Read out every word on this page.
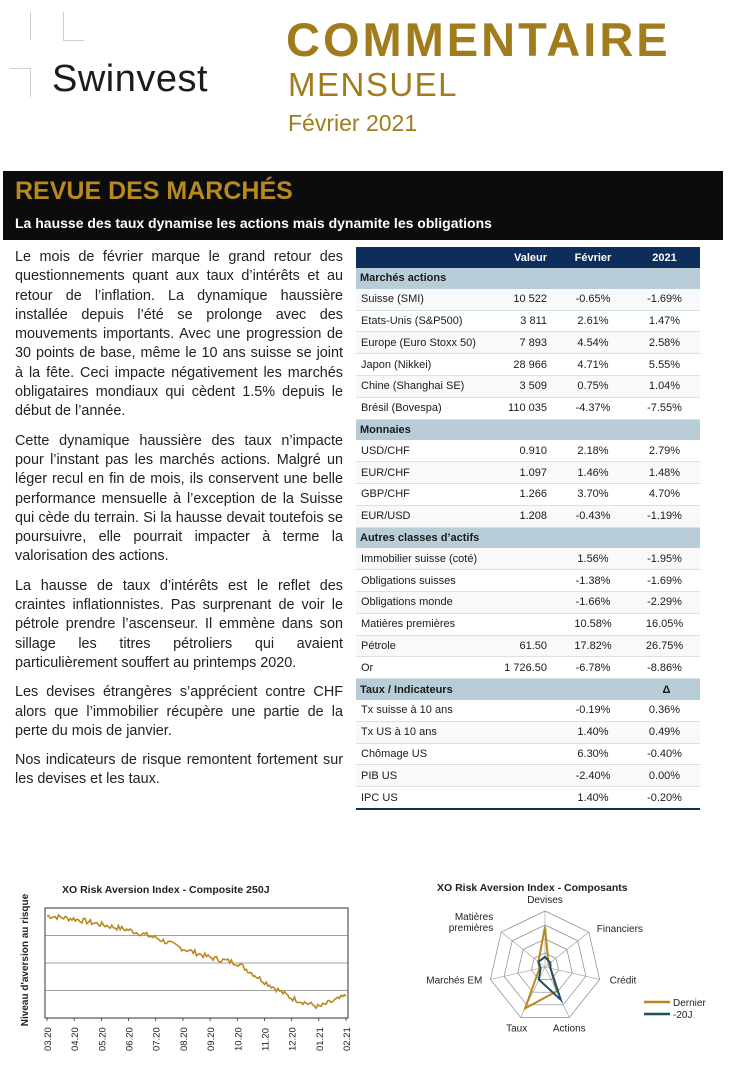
Swinvest
COMMENTAIRE
MENSUEL
Février 2021
REVUE DES MARCHÉS
La hausse des taux dynamise les actions mais dynamite les obligations

Le mois de février marque le grand retour des questionnements quant aux taux d’intérêts et au retour de l’inflation. La dynamique haussière installée depuis l’été se prolonge avec des mouvements importants. Avec une progression de 30 points de base, même le 10 ans suisse se joint à la fête. Ceci impacte négativement les marchés obligataires mondiaux qui cèdent 1.5% depuis le début de l’année.

Cette dynamique haussière des taux n’impacte pour l’instant pas les marchés actions. Malgré un léger recul en fin de mois, ils conservent une belle performance mensuelle à l’exception de la Suisse qui cède du terrain. Si la hausse devait toutefois se poursuivre, elle pourrait impacter à terme la valorisation des actions.

La hausse de taux d’intérêts est le reflet des craintes inflationnistes. Pas surprenant de voir le pétrole prendre l’ascenseur. Il emmène dans son sillage les titres pétroliers qui avaient particulièrement souffert au printemps 2020.

Les devises étrangères s’apprécient contre CHF alors que l’immobilier récupère une partie de la perte du mois de janvier.

Nos indicateurs de risque remontent fortement sur les devises et les taux.

	Valeur	Février	2021
Marchés actions			
Suisse (SMI)	10 522	-0.65%	-1.69%
Etats-Unis (S&P500)	3 811	2.61%	1.47%
Europe (Euro Stoxx 50)	7 893	4.54%	2.58%
Japon (Nikkei)	28 966	4.71%	5.55%
Chine (Shanghai SE)	3 509	0.75%	1.04%
Brésil (Bovespa)	110 035	-4.37%	-7.55%
Monnaies			
USD/CHF	0.910	2.18%	2.79%
EUR/CHF	1.097	1.46%	1.48%
GBP/CHF	1.266	3.70%	4.70%
EUR/USD	1.208	-0.43%	-1.19%
Autres classes d’actifs			
Immobilier suisse (coté)		1.56%	-1.95%
Obligations suisses		-1.38%	-1.69%
Obligations monde		-1.66%	-2.29%
Matières premières		10.58%	16.05%
Pétrole	61.50	17.82%	26.75%
Or	1 726.50	-6.78%	-8.86%
Taux / Indicateurs			Δ
Tx suisse à 10 ans		-0.19%	0.36%
Tx US à 10 ans		1.40%	0.49%
Chômage US		6.30%	-0.40%
PIB US		-2.40%	0.00%
IPC US		1.40%	-0.20%
XO Risk Aversion Index - Composite 250J
Niveau d'aversion au risque
03.20 04.20 05.20 06.20 07.20 08.20 09.20 10.20 11.20 12.20 01.21 02.21
XO Risk Aversion Index - Composants
Devises
Financiers
Crédit
Actions
Taux
Marchés EM
Matières
premières
Dernier
-20J
